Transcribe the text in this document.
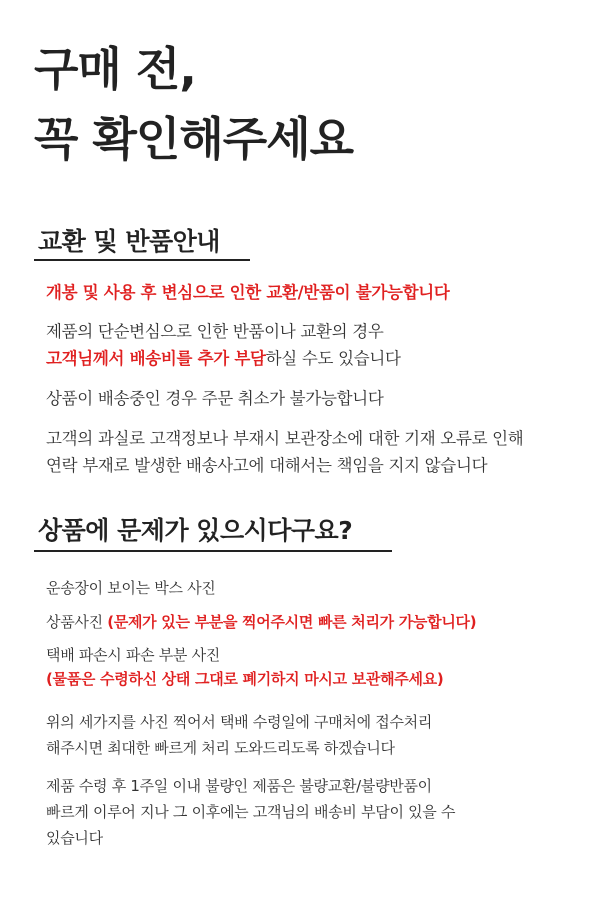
구매 전,
꼭 확인해주세요
교환 및 반품안내
개봉 및 사용 후 변심으로 인한 교환/반품이 불가능합니다
제품의 단순변심으로 인한 반품이나 교환의 경우
고객님께서 배송비를 추가 부담하실 수도 있습니다
상품이 배송중인 경우 주문 취소가 불가능합니다
고객의 과실로 고객정보나 부재시 보관장소에 대한 기재 오류로 인해
연락 부재로 발생한 배송사고에 대해서는 책임을 지지 않습니다
상품에 문제가 있으시다구요?
운송장이 보이는 박스 사진
상품사진 (문제가 있는 부분을 찍어주시면 빠른 처리가 가능합니다)
택배 파손시 파손 부분 사진
(물품은 수령하신 상태 그대로 폐기하지 마시고 보관해주세요)
위의 세가지를 사진 찍어서 택배 수령일에 구매처에 접수처리
해주시면 최대한 빠르게 처리 도와드리도록 하겠습니다
제품 수령 후 1주일 이내 불량인 제품은 불량교환/불량반품이
빠르게 이루어 지나 그 이후에는 고객님의 배송비 부담이 있을 수
있습니다
